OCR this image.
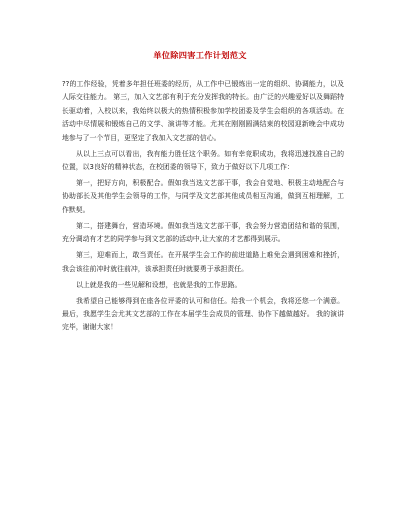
单位除四害工作计划范文

??的工作经验，凭着多年担任班委的经历，从工作中已锻炼出一定的组织、协调能力，以及人际交往能力。 第三，加入文艺部有利于充分发挥我的特长。由广泛的兴趣爱好以及舞蹈特长驱动着，入校以来，我始终以极大的热情积极参加学校团委及学生会组织的各项活动。在活动中尽情展和锻炼自己的文学、演讲等才能。尤其在刚刚圆满结束的校园迎新晚会中成功地参与了一个节目，更坚定了我加入文艺部的信心。

从以上三点可以看出，我有能力胜任这个职务。如有幸竞职成功，我将迅速找准自己的位置，以3良好的精神状态，在校团委的领导下，致力于做好以下几项工作：

第一，把好方向，积极配合。假如我当选文艺部干事，我会自觉地、积极主动地配合与协助部长及其他学生会领导的工作，与同学及文艺部其他成员相互沟通，做到互相理解，工作默契。

第二，搭建舞台，营造环境。假如我当选文艺部干事，我会努力营造团结和谐的氛围，充分调动有才艺的同学参与到文艺部的活动中,让大家的才艺都得到展示。

第三，迎难而上，敢当责任。在开展学生会工作的前进道路上难免会遇到困难和挫折，我会该往前冲时就往前冲，该承担责任时就要勇于承担责任。

以上就是我的一些见解和设想，也就是我的工作思路。

我希望自己能够得到在座各位评委的认可和信任。给我一个机会，我将还您一个满意。最后，我愿学生会尤其文艺部的工作在本届学生会成员的管理、协作下越做越好。 我的演讲完毕，谢谢大家！
